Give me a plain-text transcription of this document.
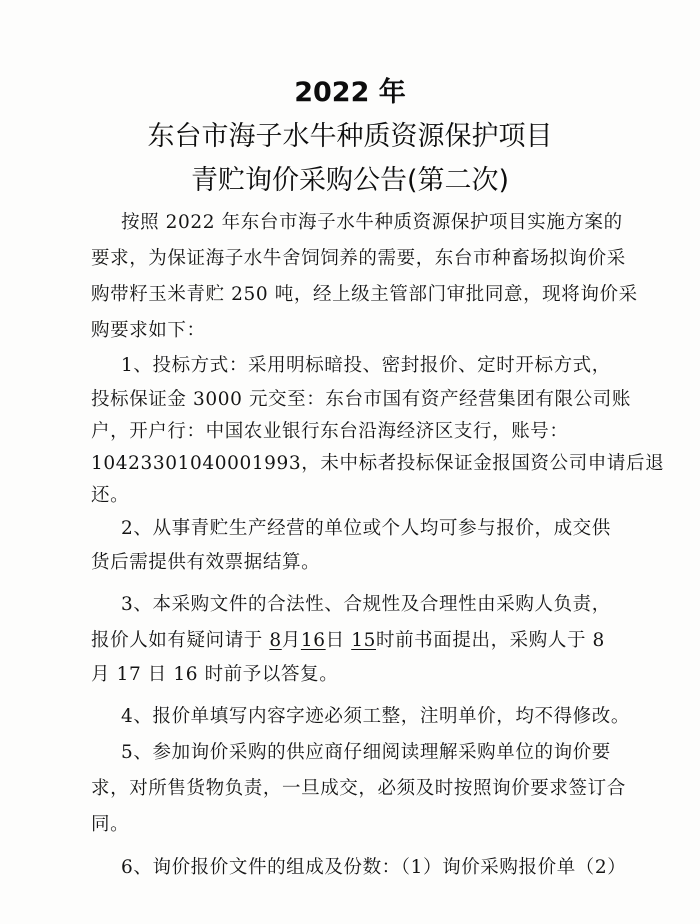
2022 年
东台市海子水牛种质资源保护项目
青贮询价采购公告(第二次)
按照 2022 年东台市海子水牛种质资源保护项目实施方案的
要求，为保证海子水牛舍饲饲养的需要，东台市种畜场拟询价采
购带籽玉米青贮 250 吨，经上级主管部门审批同意，现将询价采
购要求如下：
1、投标方式：采用明标暗投、密封报价、定时开标方式，
投标保证金 3000 元交至：东台市国有资产经营集团有限公司账
户，开户行：中国农业银行东台沿海经济区支行，账号：
10423301040001993，未中标者投标保证金报国资公司申请后退
还。
2、从事青贮生产经营的单位或个人均可参与报价，成交供
货后需提供有效票据结算。
3、本采购文件的合法性、合规性及合理性由采购人负责，
报价人如有疑问请于 8月16日 15时前书面提出，采购人于 8
月 17 日 16 时前予以答复。
4、报价单填写内容字迹必须工整，注明单价，均不得修改。
5、参加询价采购的供应商仔细阅读理解采购单位的询价要
求，对所售货物负责，一旦成交，必须及时按照询价要求签订合
同。
6、询价报价文件的组成及份数：（1）询价采购报价单（2）
